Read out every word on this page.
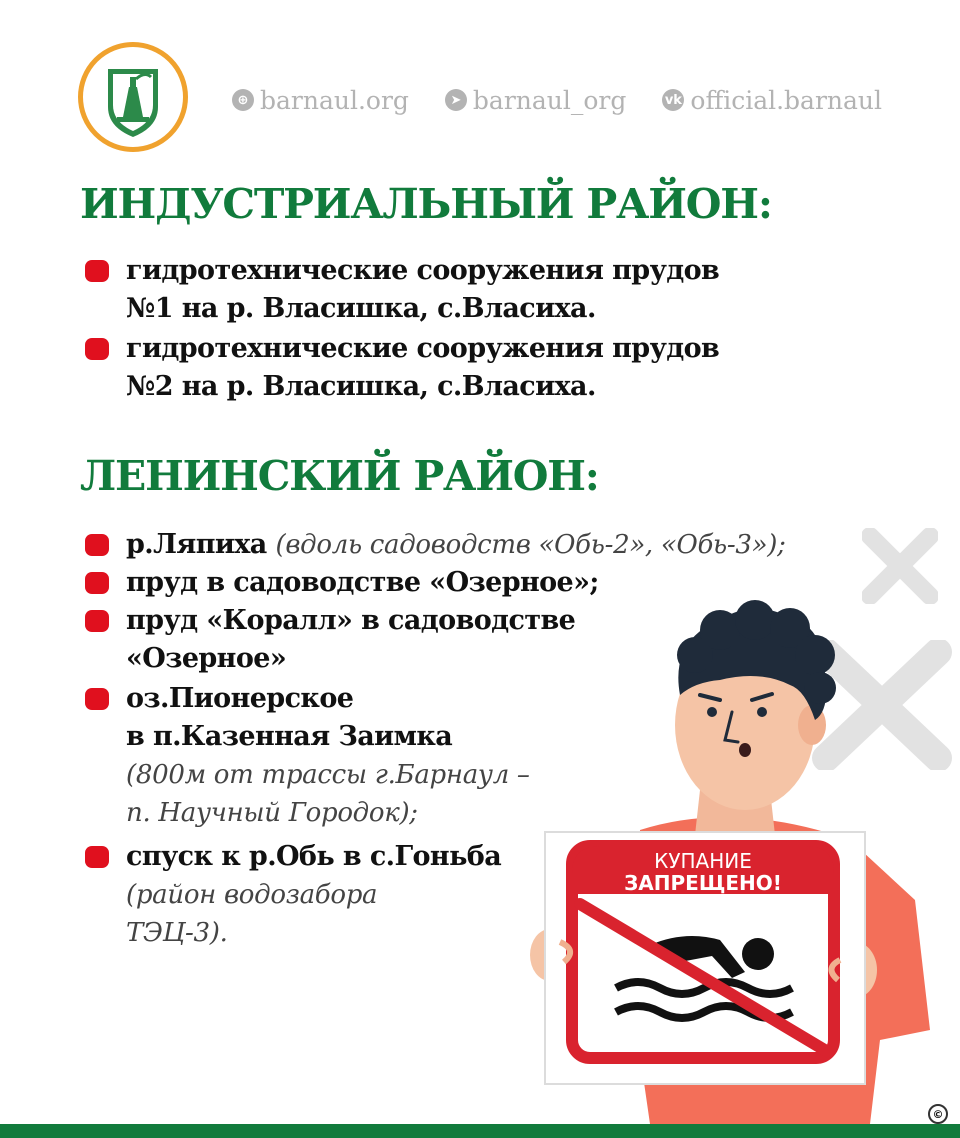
⊕ barnaul.org	➤ barnaul_org	vk official.barnaul
ИНДУСТРИАЛЬНЫЙ РАЙОН:
гидротехнические сооружения прудов
№1 на р. Власишка, с.Власиха.
гидротехнические сооружения прудов
№2 на р. Власишка, с.Власиха.
ЛЕНИНСКИЙ РАЙОН:
р.Ляпиха (вдоль садоводств «Обь-2», «Обь-3»);
пруд в садоводстве «Озерное»;
пруд «Коралл» в садоводстве
«Озерное»
оз.Пионерское
в п.Казенная Заимка
(800м от трассы г.Барнаул –
п. Научный Городок);
спуск к р.Обь в с.Гоньба
(район водозабора
ТЭЦ-3).
КУПАНИЕ
ЗАПРЕЩЕНО!
©
